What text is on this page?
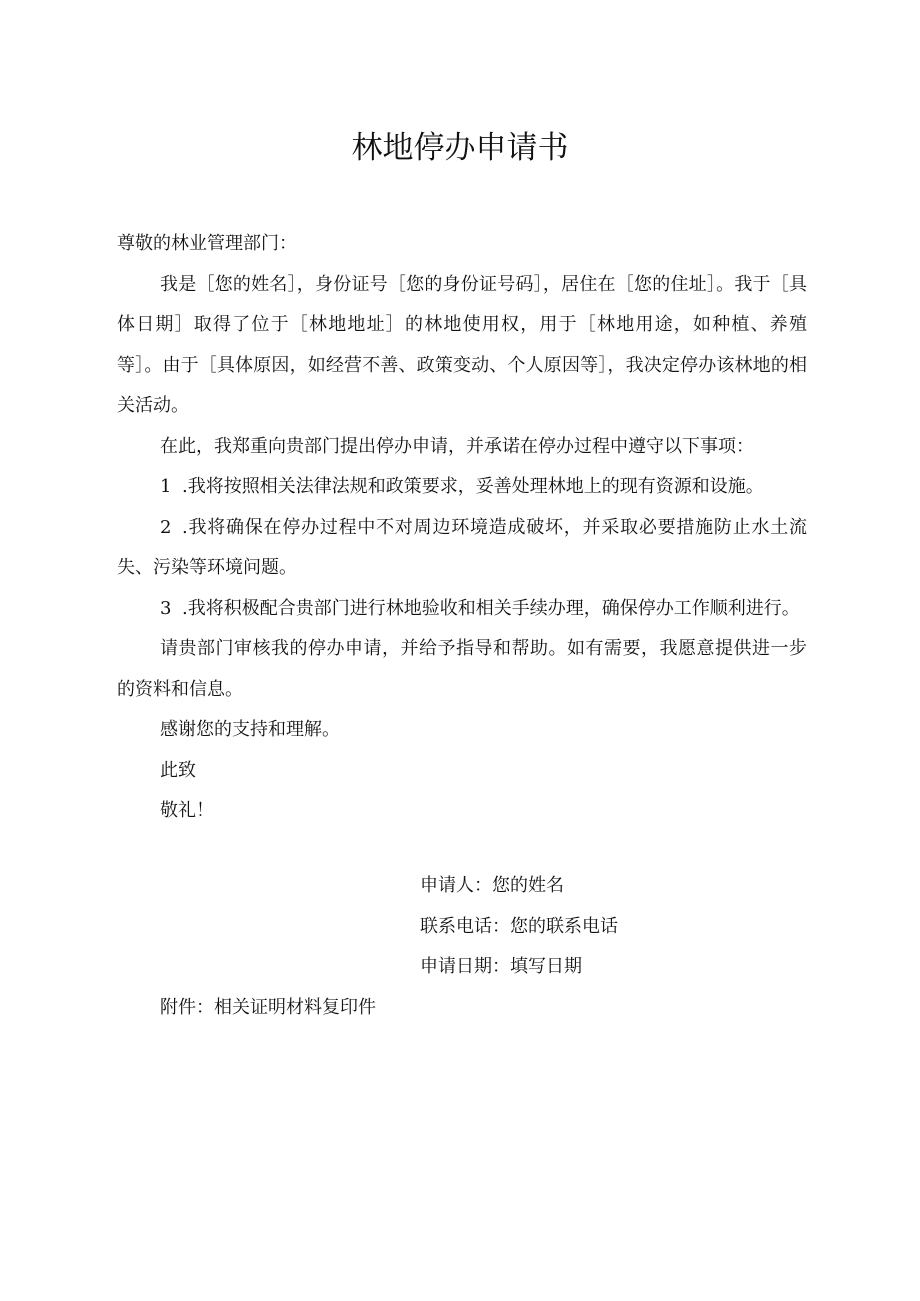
林地停办申请书

尊敬的林业管理部门：

我是［您的姓名］，身份证号［您的身份证号码］，居住在［您的住址］。我于［具体日期］取得了位于［林地地址］的林地使用权，用于［林地用途，如种植、养殖等］。由于［具体原因，如经营不善、政策变动、个人原因等］，我决定停办该林地的相关活动。

在此，我郑重向贵部门提出停办申请，并承诺在停办过程中遵守以下事项：

1 .我将按照相关法律法规和政策要求，妥善处理林地上的现有资源和设施。

2 .我将确保在停办过程中不对周边环境造成破坏，并采取必要措施防止水土流失、污染等环境问题。

3 .我将积极配合贵部门进行林地验收和相关手续办理，确保停办工作顺利进行。

请贵部门审核我的停办申请，并给予指导和帮助。如有需要，我愿意提供进一步的资料和信息。

感谢您的支持和理解。

此致

敬礼！

申请人：您的姓名

联系电话：您的联系电话

申请日期：填写日期

附件：相关证明材料复印件
